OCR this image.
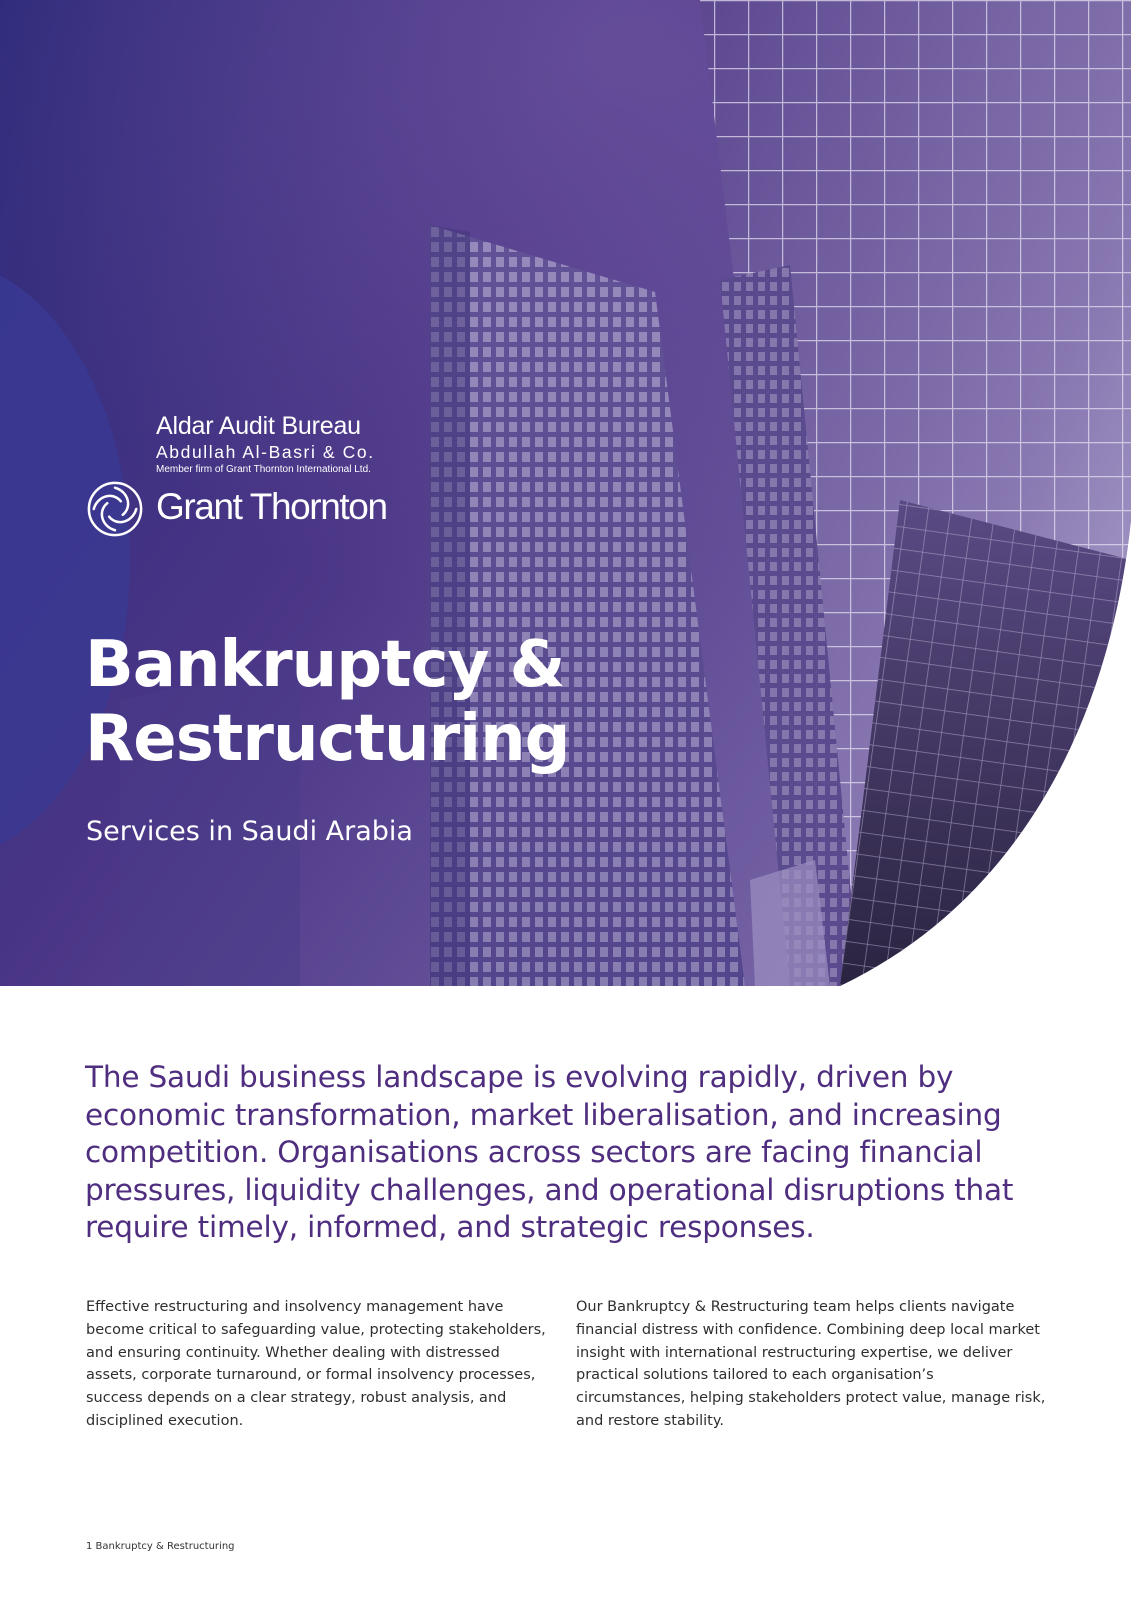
Aldar Audit Bureau
Abdullah Al-Basri & Co.
Member firm of Grant Thornton International Ltd.
Grant Thornton
Bankruptcy &
Restructuring

Services in Saudi Arabia

The Saudi business landscape is evolving rapidly, driven by economic transformation, market liberalisation, and increasing competition. Organisations across sectors are facing financial pressures, liquidity challenges, and operational disruptions that require timely, informed, and strategic responses.

Effective restructuring and insolvency management have become critical to safeguarding value, protecting stakeholders, and ensuring continuity. Whether dealing with distressed assets, corporate turnaround, or formal insolvency processes, success depends on a clear strategy, robust analysis, and disciplined execution.

Our Bankruptcy & Restructuring team helps clients navigate financial distress with confidence. Combining deep local market insight with international restructuring expertise, we deliver practical solutions tailored to each organisation’s circumstances, helping stakeholders protect value, manage risk, and restore stability.

1 Bankruptcy & Restructuring
